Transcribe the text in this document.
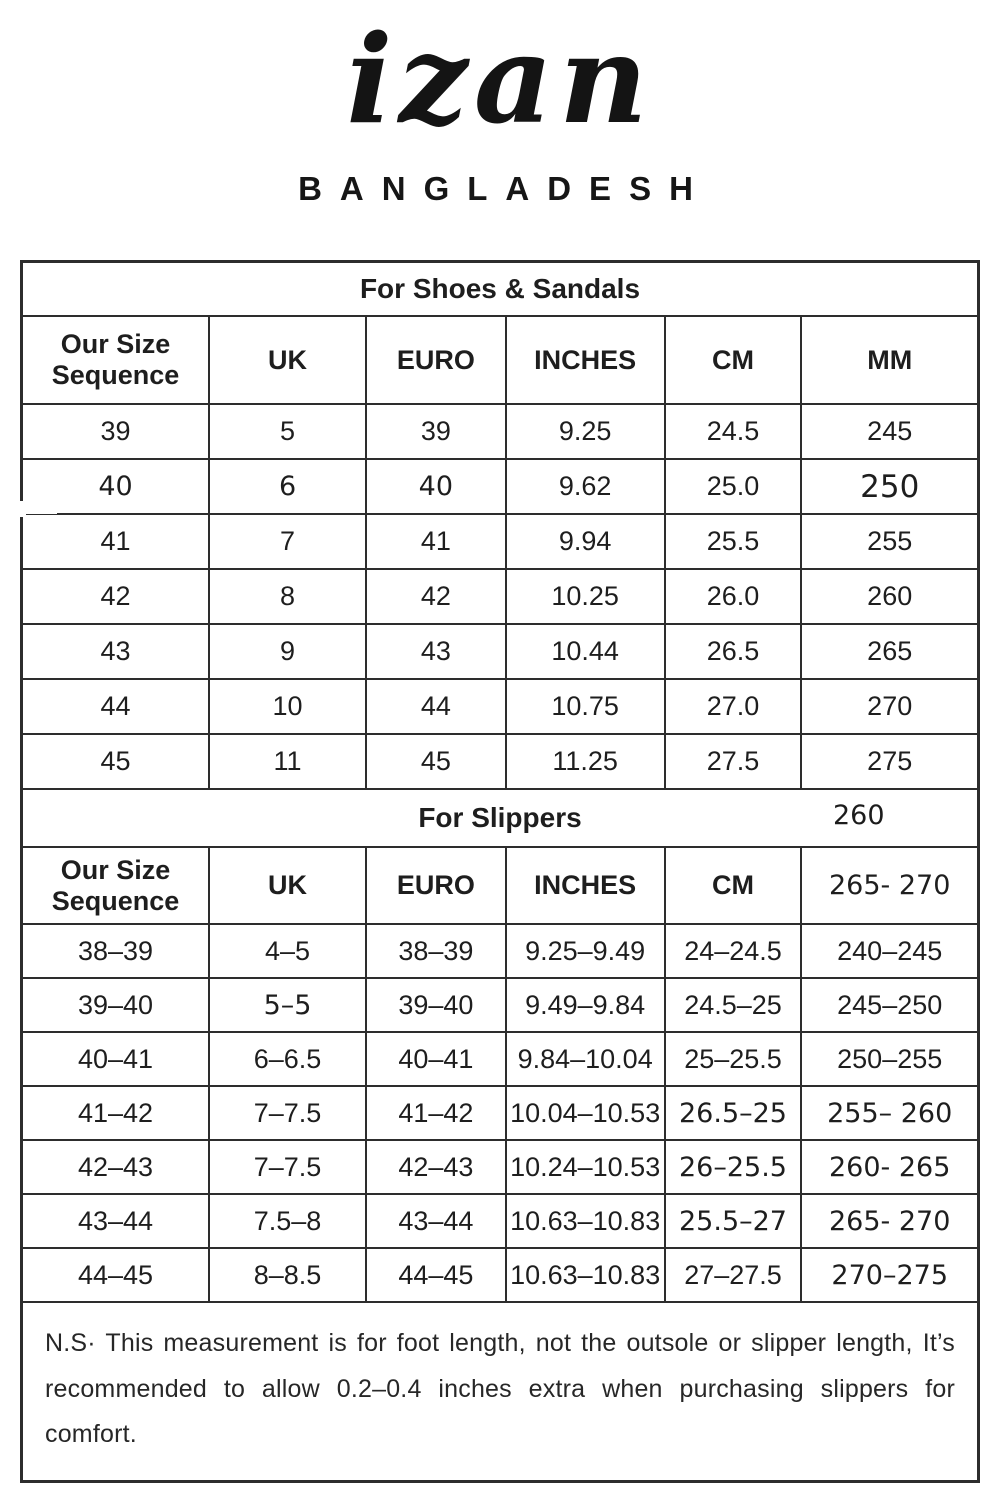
izan
BANGLADESH
For Shoes & Sandals					
Our Size Sequence	UK	EURO	INCHES	CM	MM
39	5	39	9.25	24.5	245
40	6	40	9.62	25.0	250
41	7	41	9.94	25.5	255
42	8	42	10.25	26.0	260
43	9	43	10.44	26.5	265
44	10	44	10.75	27.0	270
45	11	45	11.25	27.5	275
For Slippers					
Our Size Sequence	UK	EURO	INCHES	CM	265- 270
38–39	4–5	38–39	9.25–9.49	24–24.5	240–245
39–40	5–5	39–40	9.49–9.84	24.5–25	245–250
40–41	6–6.5	40–41	9.84–10.04	25–25.5	250–255
41–42	7–7.5	41–42	10.04–10.53	26.5–25	255– 260
42–43	7–7.5	42–43	10.24–10.53	26–25.5	260- 265
43–44	7.5–8	43–44	10.63–10.83	25.5–27	265- 270
44–45	8–8.5	44–45	10.63–10.83	27–27.5	270–275

N.S· This measurement is for foot length, not the outsole or slipper length, It’s
recommended to allow 0.2–0.4 inches extra when purchasing slippers for comfort.					
260
